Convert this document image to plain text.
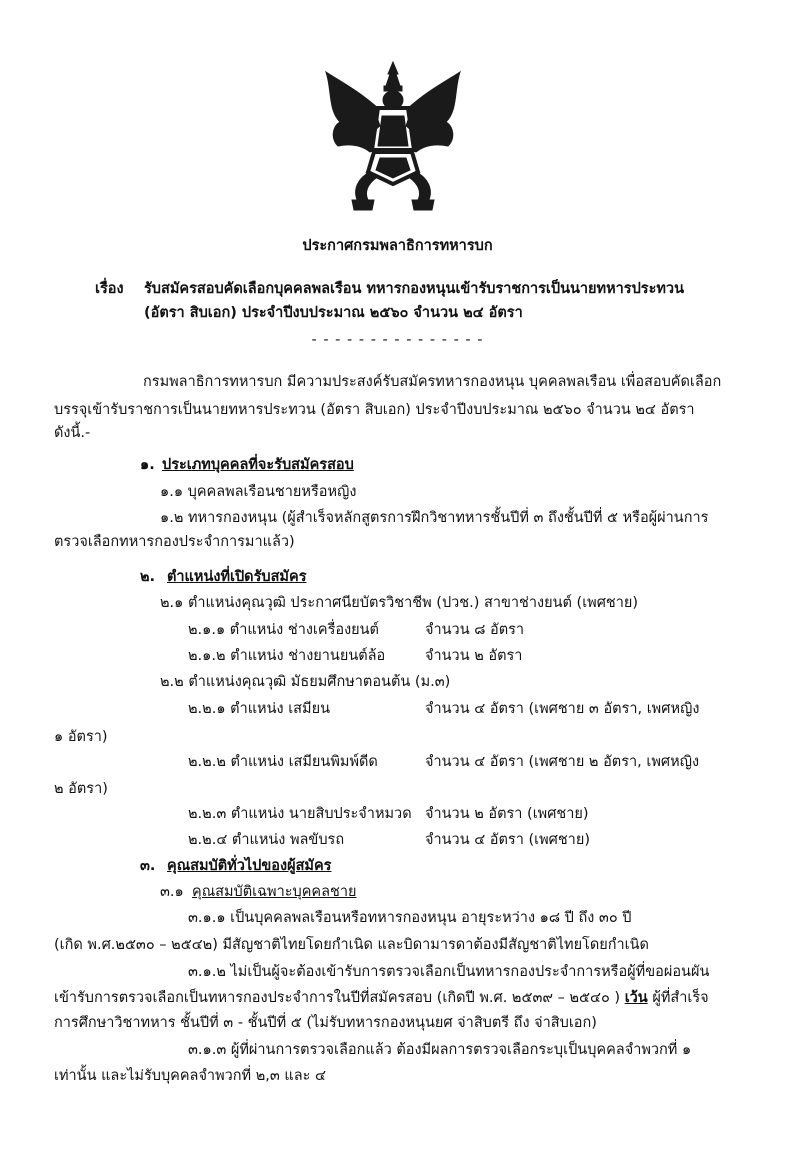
ประกาศกรมพลาธิการทหารบก
เรื่อง รับสมัครสอบคัดเลือกบุคคลพลเรือน ทหารกองหนุนเข้ารับราชการเป็นนายทหารประทวน
(อัตรา สิบเอก) ประจำปีงบประมาณ ๒๕๖๐ จำนวน ๒๔ อัตรา
- - - - - - - - - - - - - - -
กรมพลาธิการทหารบก มีความประสงค์รับสมัครทหารกองหนุน บุคคลพลเรือน เพื่อสอบคัดเลือก
บรรจุเข้ารับราชการเป็นนายทหารประทวน (อัตรา สิบเอก) ประจำปีงบประมาณ ๒๕๖๐ จำนวน ๒๔ อัตรา
ดังนี้.-
๑. ประเภทบุคคลที่จะรับสมัครสอบ
๑.๑ บุคคลพลเรือนชายหรือหญิง
๑.๒ ทหารกองหนุน (ผู้สำเร็จหลักสูตรการฝึกวิชาทหารชั้นปีที่ ๓ ถึงชั้นปีที่ ๕ หรือผู้ผ่านการ
ตรวจเลือกทหารกองประจำการมาแล้ว)
๒. ตำแหน่งที่เปิดรับสมัคร
๒.๑ ตำแหน่งคุณวุฒิ ประกาศนียบัตรวิชาชีพ (ปวช.) สาขาช่างยนต์ (เพศชาย)
๒.๑.๑ ตำแหน่ง ช่างเครื่องยนต์	จำนวน ๘ อัตรา
๒.๑.๒ ตำแหน่ง ช่างยานยนต์ล้อ	จำนวน ๒ อัตรา
๒.๒ ตำแหน่งคุณวุฒิ มัธยมศึกษาตอนต้น (ม.๓)
๒.๒.๑ ตำแหน่ง เสมียน	จำนวน ๔ อัตรา (เพศชาย ๓ อัตรา, เพศหญิง
๑ อัตรา)
๒.๒.๒ ตำแหน่ง เสมียนพิมพ์ดีด	จำนวน ๔ อัตรา (เพศชาย ๒ อัตรา, เพศหญิง
๒ อัตรา)
๒.๒.๓ ตำแหน่ง นายสิบประจำหมวด จำนวน ๒ อัตรา (เพศชาย)
๒.๒.๔ ตำแหน่ง พลขับรถ	จำนวน ๔ อัตรา (เพศชาย)
๓. คุณสมบัติทั่วไปของผู้สมัคร
๓.๑ คุณสมบัติเฉพาะบุคคลชาย
๓.๑.๑ เป็นบุคคลพลเรือนหรือทหารกองหนุน อายุระหว่าง ๑๘ ปี ถึง ๓๐ ปี
(เกิด พ.ศ.๒๕๓๐ – ๒๕๔๒) มีสัญชาติไทยโดยกำเนิด และบิดามารดาต้องมีสัญชาติไทยโดยกำเนิด
๓.๑.๒ ไม่เป็นผู้จะต้องเข้ารับการตรวจเลือกเป็นทหารกองประจำการหรือผู้ที่ขอผ่อนผัน
เข้ารับการตรวจเลือกเป็นทหารกองประจำการในปีที่สมัครสอบ (เกิดปี พ.ศ. ๒๕๓๙ – ๒๕๔๐ ) เว้น ผู้ที่สำเร็จ
การศึกษาวิชาทหาร ชั้นปีที่ ๓ - ชั้นปีที่ ๕ (ไม่รับทหารกองหนุนยศ จ่าสิบตรี ถึง จ่าสิบเอก)
๓.๑.๓ ผู้ที่ผ่านการตรวจเลือกแล้ว ต้องมีผลการตรวจเลือกระบุเป็นบุคคลจำพวกที่ ๑
เท่านั้น และไม่รับบุคคลจำพวกที่ ๒,๓ และ ๔
